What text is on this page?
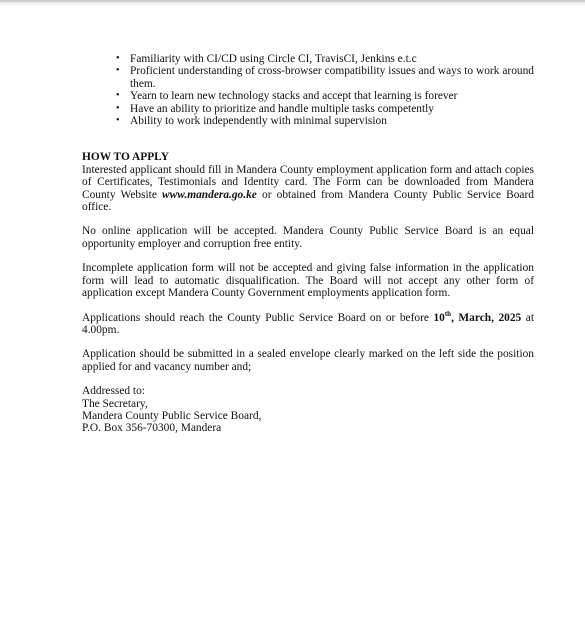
• Familiarity with CI/CD using Circle CI, TravisCI, Jenkins e.t.c
• Proficient understanding of cross-browser compatibility issues and ways to work around them.
• Yearn to learn new technology stacks and accept that learning is forever
• Have an ability to prioritize and handle multiple tasks competently
• Ability to work independently with minimal supervision
HOW TO APPLY

Interested applicant should fill in Mandera County employment application form and attach copies of Certificates, Testimonials and Identity card. The Form can be downloaded from Mandera County Website www.mandera.go.ke or obtained from Mandera County Public Service Board office.

No online application will be accepted. Mandera County Public Service Board is an equal opportunity employer and corruption free entity.

Incomplete application form will not be accepted and giving false information in the application form will lead to automatic disqualification. The Board will not accept any other form of application except Mandera County Government employments application form.

Applications should reach the County Public Service Board on or before 10th, March, 2025 at 4.00pm.

Application should be submitted in a sealed envelope clearly marked on the left side the position applied for and vacancy number and;

Addressed to:
The Secretary,
Mandera County Public Service Board,
P.O. Box 356-70300, Mandera
